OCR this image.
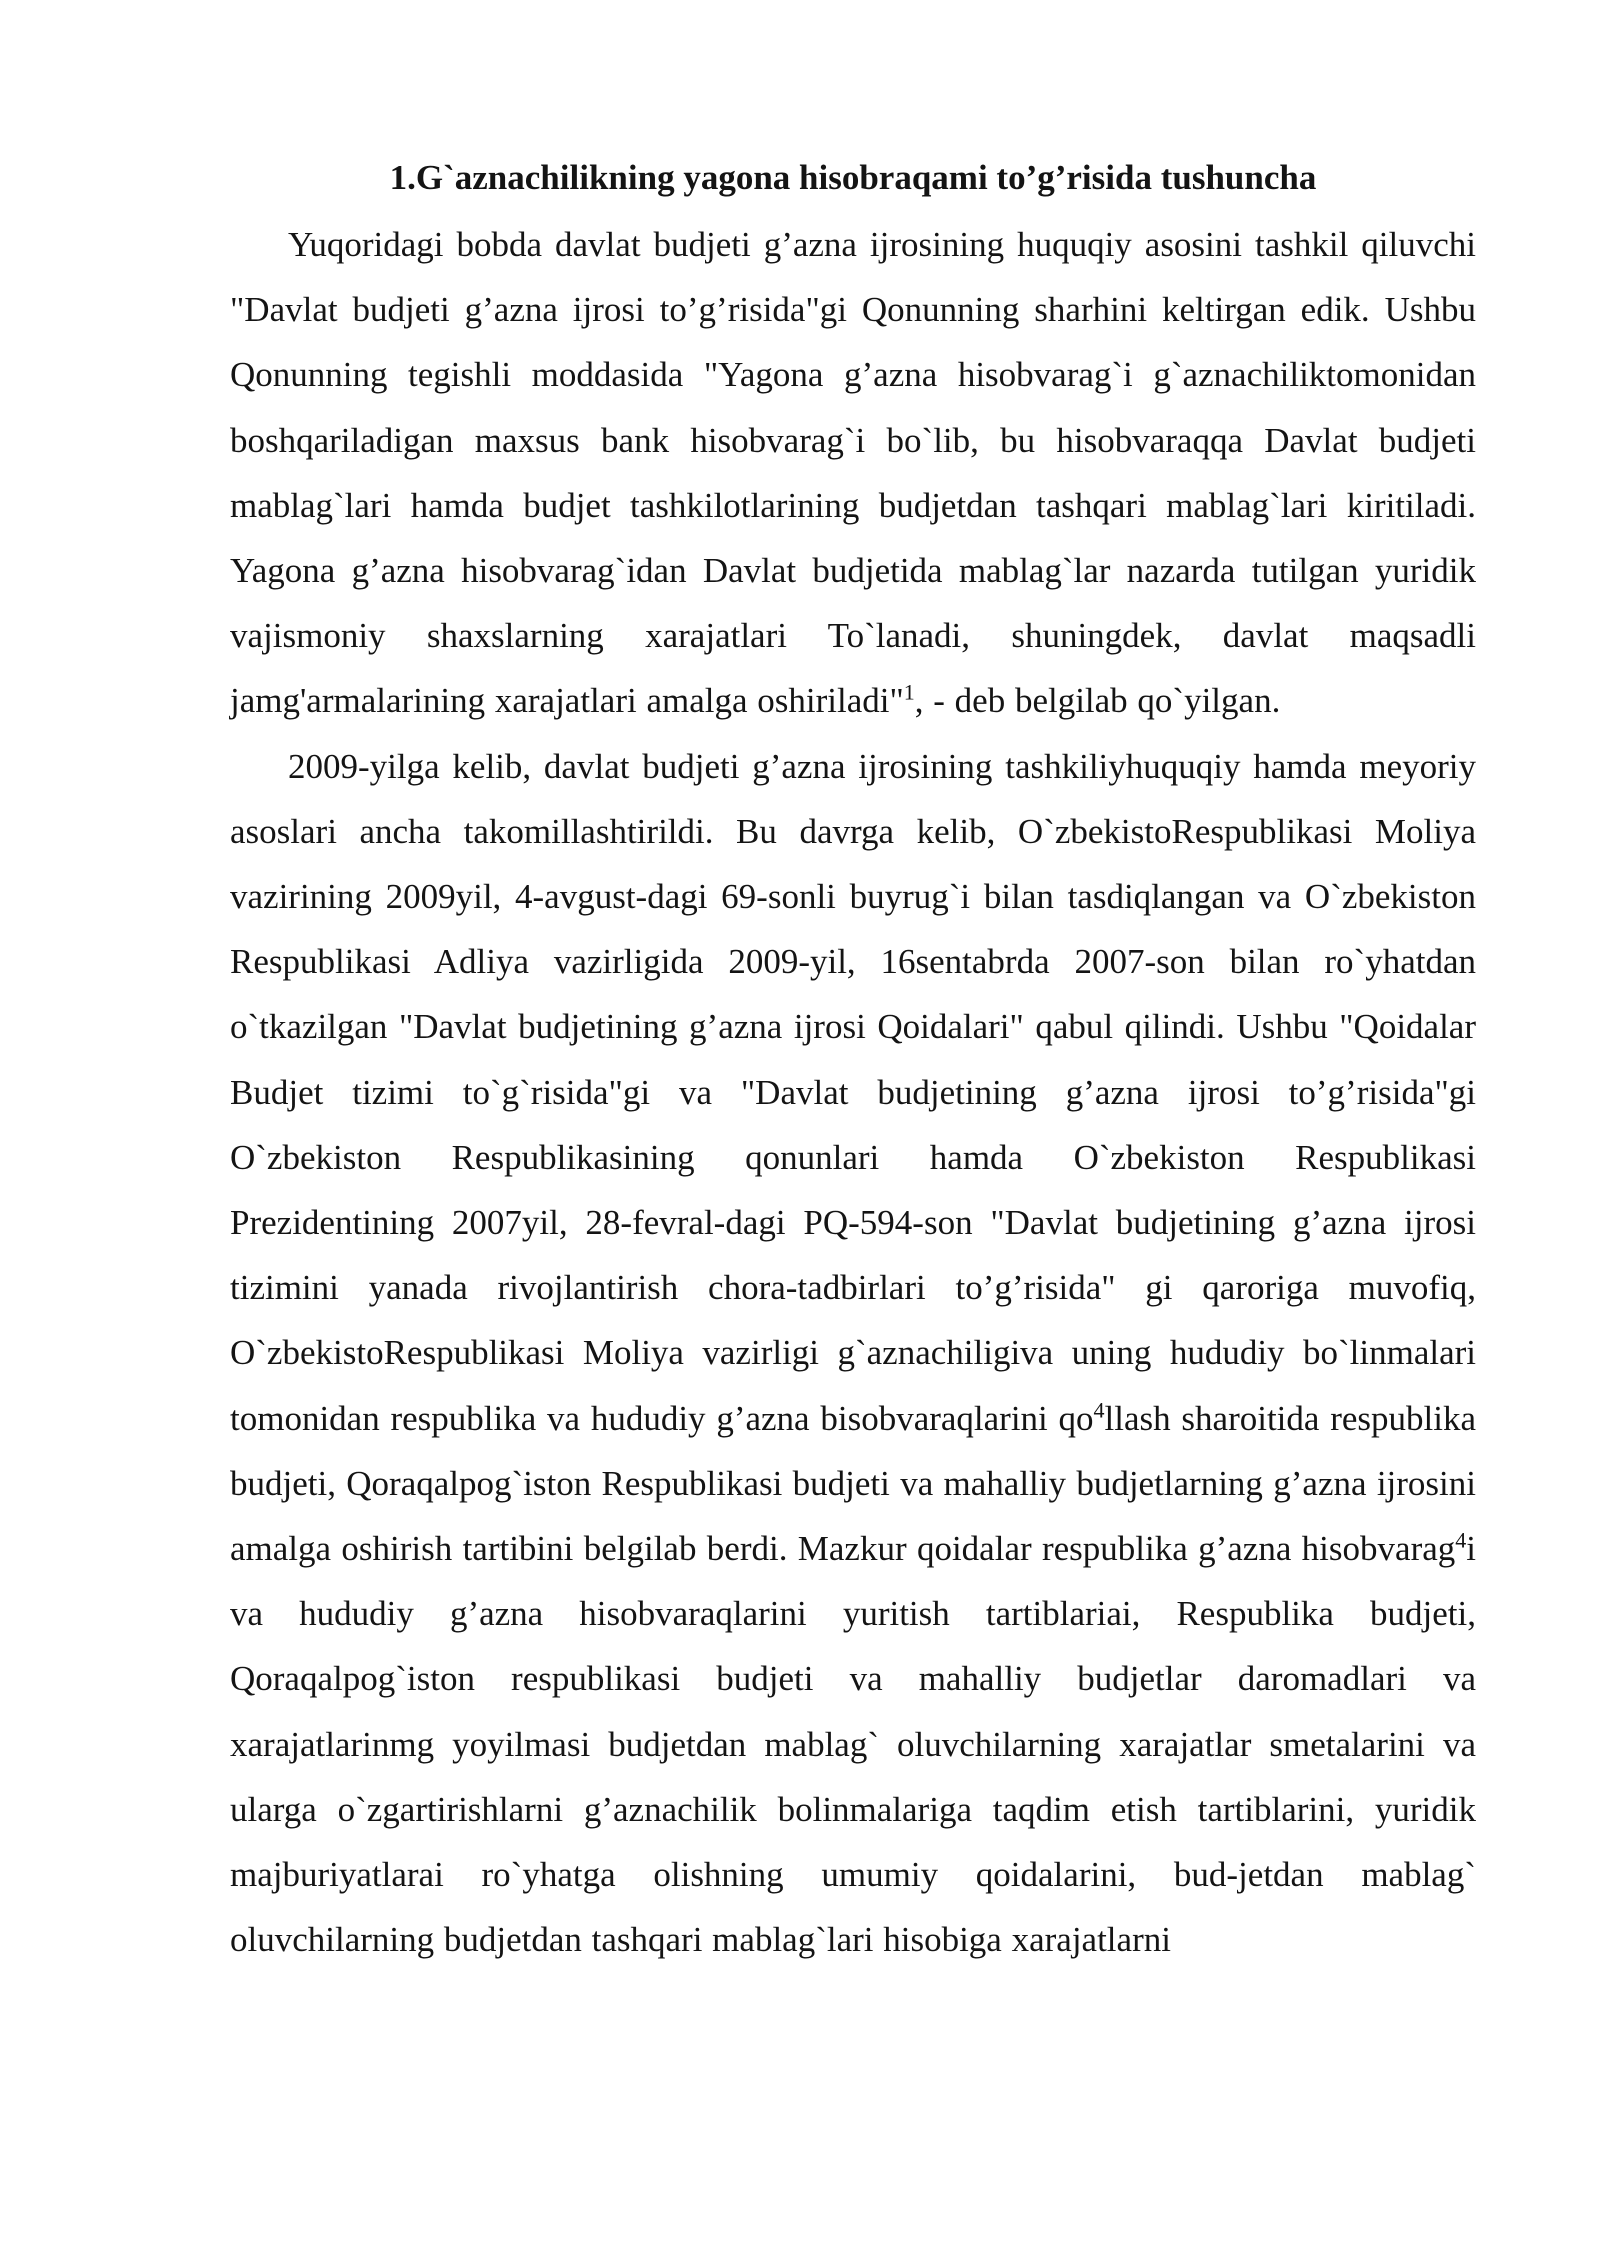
1.G`aznachilikning yagona hisobraqami to’g’risida tushuncha

Yuqoridagi bobda davlat budjeti g’azna ijrosining huquqiy asosini tashkil qiluvchi "Davlat budjeti g’azna ijrosi to’g’risida"gi Qonunning sharhini keltirgan edik. Ushbu Qonunning tegishli moddasida "Yagona g’azna hisobvarag`i g`aznachiliktomonidan boshqariladigan maxsus bank hisobvarag`i bo`lib, bu hisobvaraqqa Davlat budjeti mablag`lari hamda budjet tashkilotlarining budjetdan tashqari mablag`lari kiritiladi. Yagona g’azna hisobvarag`idan Davlat budjetida mablag`lar nazarda tutilgan yuridik vajismoniy shaxslarning xarajatlari To`lanadi, shuningdek, davlat maqsadli jamg'armalarining xarajatlari amalga oshiriladi"$^1$, - deb belgilab qo`yilgan.

2009-yilga kelib, davlat budjeti g’azna ijrosining tashkiliyhuquqiy hamda meyoriy asoslari ancha takomillashtirildi. Bu davrga kelib, O`zbekistoRespublikasi Moliya vazirining 2009yil, 4-avgust-dagi 69-sonli buyrug`i bilan tasdiqlangan va O`zbekiston Respublikasi Adliya vazirligida 2009-yil, 16sentabrda 2007-son bilan ro`yhatdan o`tkazilgan "Davlat budjetining g’azna ijrosi Qoidalari" qabul qilindi. Ushbu "Qoidalar Budjet tizimi to`g`risida"gi va "Davlat budjetining g’azna ijrosi to’g’risida"gi O`zbekiston Respublikasining qonunlari hamda O`zbekiston Respublikasi Prezidentining 2007yil, 28-fevral-dagi PQ-594-son "Davlat budjetining g’azna ijrosi tizimini yanada rivojlantirish chora-tadbirlari to’g’risida" gi qaroriga muvofiq, O`zbekistoRespublikasi Moliya vazirligi g`aznachiligiva uning hududiy bo`linmalari tomonidan respublika va hududiy g’azna bisobvaraqlarini $qo^4llash$ sharoitida respublika budjeti, Qoraqalpog`iston Respublikasi budjeti va mahalliy budjetlarning g’azna ijrosini amalga oshirish tartibini belgilab berdi. Mazkur qoidalar respublika g’azna hisobvarag$^4$i va hududiy g’azna hisobvaraqlarini yuritish tartiblariai, Respublika budjeti, Qoraqalpog`iston respublikasi budjeti va mahalliy budjetlar daromadlari va xarajatlarinmg yoyilmasi budjetdan mablag` oluvchilarning xarajatlar smetalarini va ularga o`zgartirishlarni g’aznachilik bolinmalariga taqdim etish tartiblarini, yuridik majburiyatlarai ro`yhatga olishning umumiy qoidalarini, bud-jetdan mablag` oluvchilarning budjetdan tashqari mablag`lari hisobiga xarajatlarni
